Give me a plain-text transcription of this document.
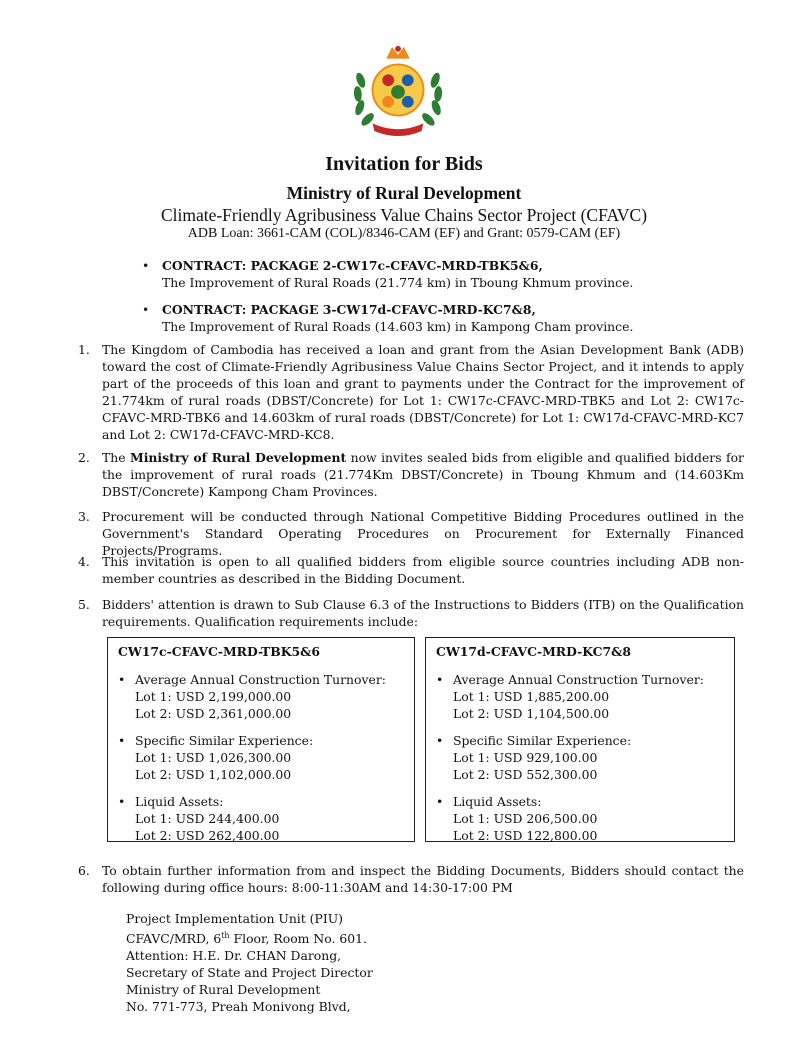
Invitation for Bids
Ministry of Rural Development
Climate-Friendly Agribusiness Value Chains Sector Project (CFAVC)
ADB Loan: 3661-CAM (COL)/8346-CAM (EF) and Grant: 0579-CAM (EF)
• CONTRACT: PACKAGE 2-CW17c-CFAVC-MRD-TBK5&6,
The Improvement of Rural Roads (21.774 km) in Tboung Khmum province.
• CONTRACT: PACKAGE 3-CW17d-CFAVC-MRD-KC7&8,
The Improvement of Rural Roads (14.603 km) in Kampong Cham province.
1. The Kingdom of Cambodia has received a loan and grant from the Asian Development Bank (ADB) toward the cost of Climate-Friendly Agribusiness Value Chains Sector Project, and it intends to apply part of the proceeds of this loan and grant to payments under the Contract for the improvement of 21.774km of rural roads (DBST/Concrete) for Lot 1: CW17c-CFAVC-MRD-TBK5 and Lot 2: CW17c-CFAVC-MRD-TBK6 and 14.603km of rural roads (DBST/Concrete) for Lot 1: CW17d-CFAVC-MRD-KC7 and Lot 2: CW17d-CFAVC-MRD-KC8.
2. The Ministry of Rural Development now invites sealed bids from eligible and qualified bidders for the improvement of rural roads (21.774Km DBST/Concrete) in Tboung Khmum and (14.603Km DBST/Concrete) Kampong Cham Provinces.
3. Procurement will be conducted through National Competitive Bidding Procedures outlined in the Government's Standard Operating Procedures on Procurement for Externally Financed Projects/Programs.
4. This invitation is open to all qualified bidders from eligible source countries including ADB non-member countries as described in the Bidding Document.
5. Bidders' attention is drawn to Sub Clause 6.3 of the Instructions to Bidders (ITB) on the Qualification requirements. Qualification requirements include:
CW17c-CFAVC-MRD-TBK5&6
• Average Annual Construction Turnover:
Lot 1: USD 2,199,000.00
Lot 2: USD 2,361,000.00
• Specific Similar Experience:
Lot 1: USD 1,026,300.00
Lot 2: USD 1,102,000.00
• Liquid Assets:
Lot 1: USD 244,400.00
Lot 2: USD 262,400.00
CW17d-CFAVC-MRD-KC7&8
• Average Annual Construction Turnover:
Lot 1: USD 1,885,200.00
Lot 2: USD 1,104,500.00
• Specific Similar Experience:
Lot 1: USD 929,100.00
Lot 2: USD 552,300.00
• Liquid Assets:
Lot 1: USD 206,500.00
Lot 2: USD 122,800.00
6. To obtain further information from and inspect the Bidding Documents, Bidders should contact the following during office hours: 8:00-11:30AM and 14:30-17:00 PM
Project Implementation Unit (PIU)
CFAVC/MRD, 6th Floor, Room No. 601.
Attention: H.E. Dr. CHAN Darong,
Secretary of State and Project Director
Ministry of Rural Development
No. 771-773, Preah Monivong Blvd,
